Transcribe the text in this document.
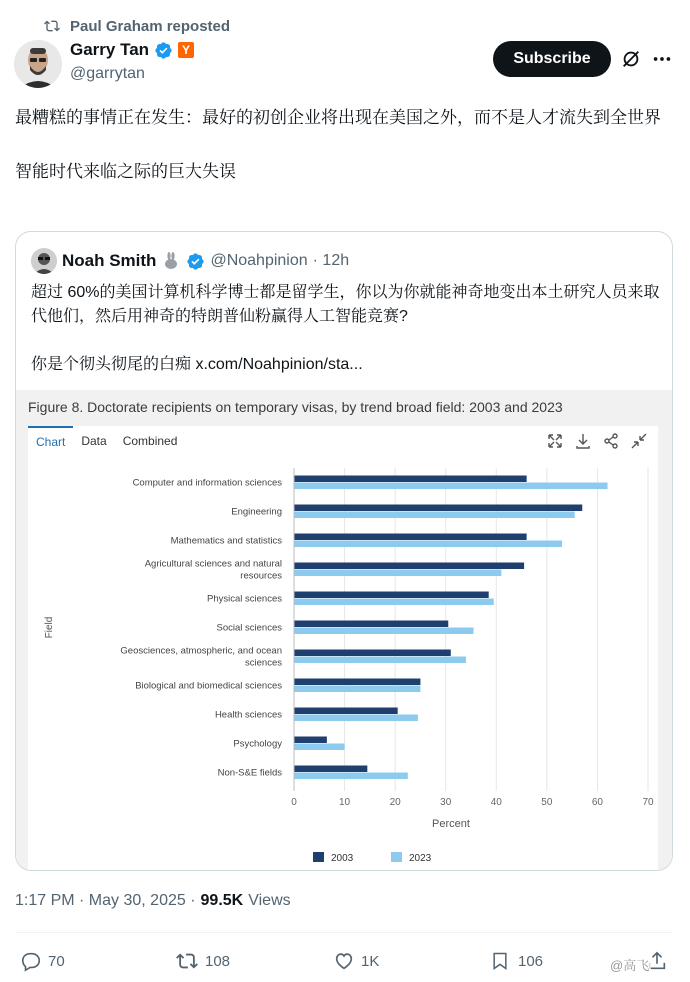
Paul Graham reposted
Garry Tan	Y
@garrytan
Subscribe

最糟糕的事情正在发生：最好的初创企业将出现在美国之外，而不是人才流失到全世界

智能时代来临之际的巨大失误

Noah Smith	@Noahpinion · 12h
超过 60%的美国计算机科学博士都是留学生，你以为你就能神奇地变出本土研究人员来取代他们，然后用神奇的特朗普仙粉赢得人工智能竞赛?
你是个彻头彻尾的白痴 x.com/Noahpinion/sta...
Figure 8. Doctorate recipients on temporary visas, by trend broad field: 2003 and 2023
Chart	Data	Combined
0	10	20	30	40	50	60	70
Computer and information sciences
Engineering
Mathematics and statistics
Agricultural sciences and natural resources
Physical sciences
Social sciences
Geosciences, atmospheric, and ocean sciences
Biological and biomedical sciences
Health sciences
Psychology
Non-S&E fields
Percent
Field
2003	2023
1:17 PM · May 30, 2025 · 99.5K Views
70	108	1K	106	@高飞
